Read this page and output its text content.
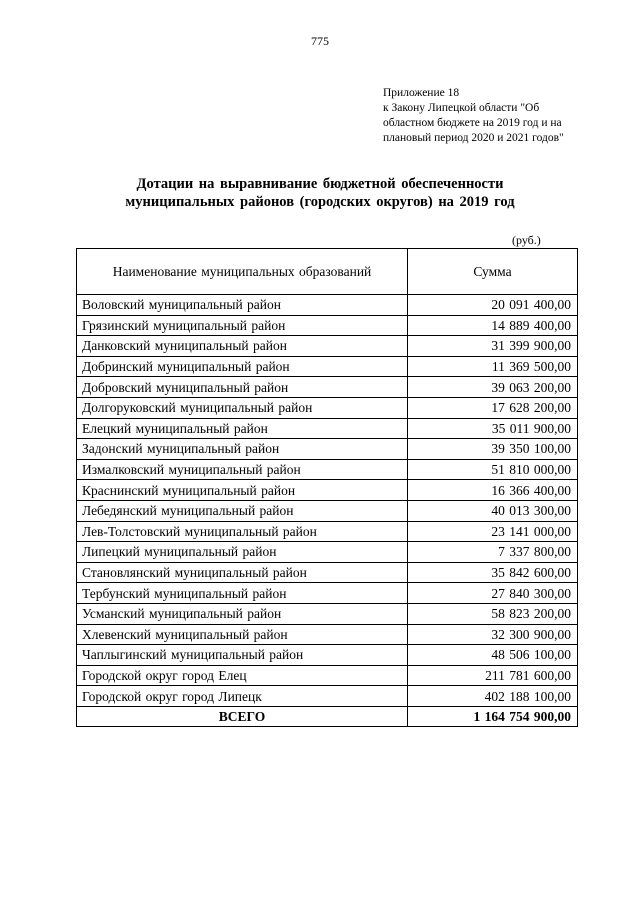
775
Приложение 18
к Закону Липецкой области "Об
областном бюджете на 2019 год и на
плановый период 2020 и 2021 годов"
Дотации на выравнивание бюджетной обеспеченности
муниципальных районов (городских округов) на 2019 год
(руб.)
Наименование муниципальных образований	Сумма
Воловский муниципальный район	20 091 400,00
Грязинский муниципальный район	14 889 400,00
Данковский муниципальный район	31 399 900,00
Добринский муниципальный район	11 369 500,00
Добровский муниципальный район	39 063 200,00
Долгоруковский муниципальный район	17 628 200,00
Елецкий муниципальный район	35 011 900,00
Задонский муниципальный район	39 350 100,00
Измалковский муниципальный район	51 810 000,00
Краснинский муниципальный район	16 366 400,00
Лебедянский муниципальный район	40 013 300,00
Лев-Толстовский муниципальный район	23 141 000,00
Липецкий муниципальный район	7 337 800,00
Становлянский муниципальный район	35 842 600,00
Тербунский муниципальный район	27 840 300,00
Усманский муниципальный район	58 823 200,00
Хлевенский муниципальный район	32 300 900,00
Чаплыгинский муниципальный район	48 506 100,00
Городской округ город Елец	211 781 600,00
Городской округ город Липецк	402 188 100,00
ВСЕГО	1 164 754 900,00
